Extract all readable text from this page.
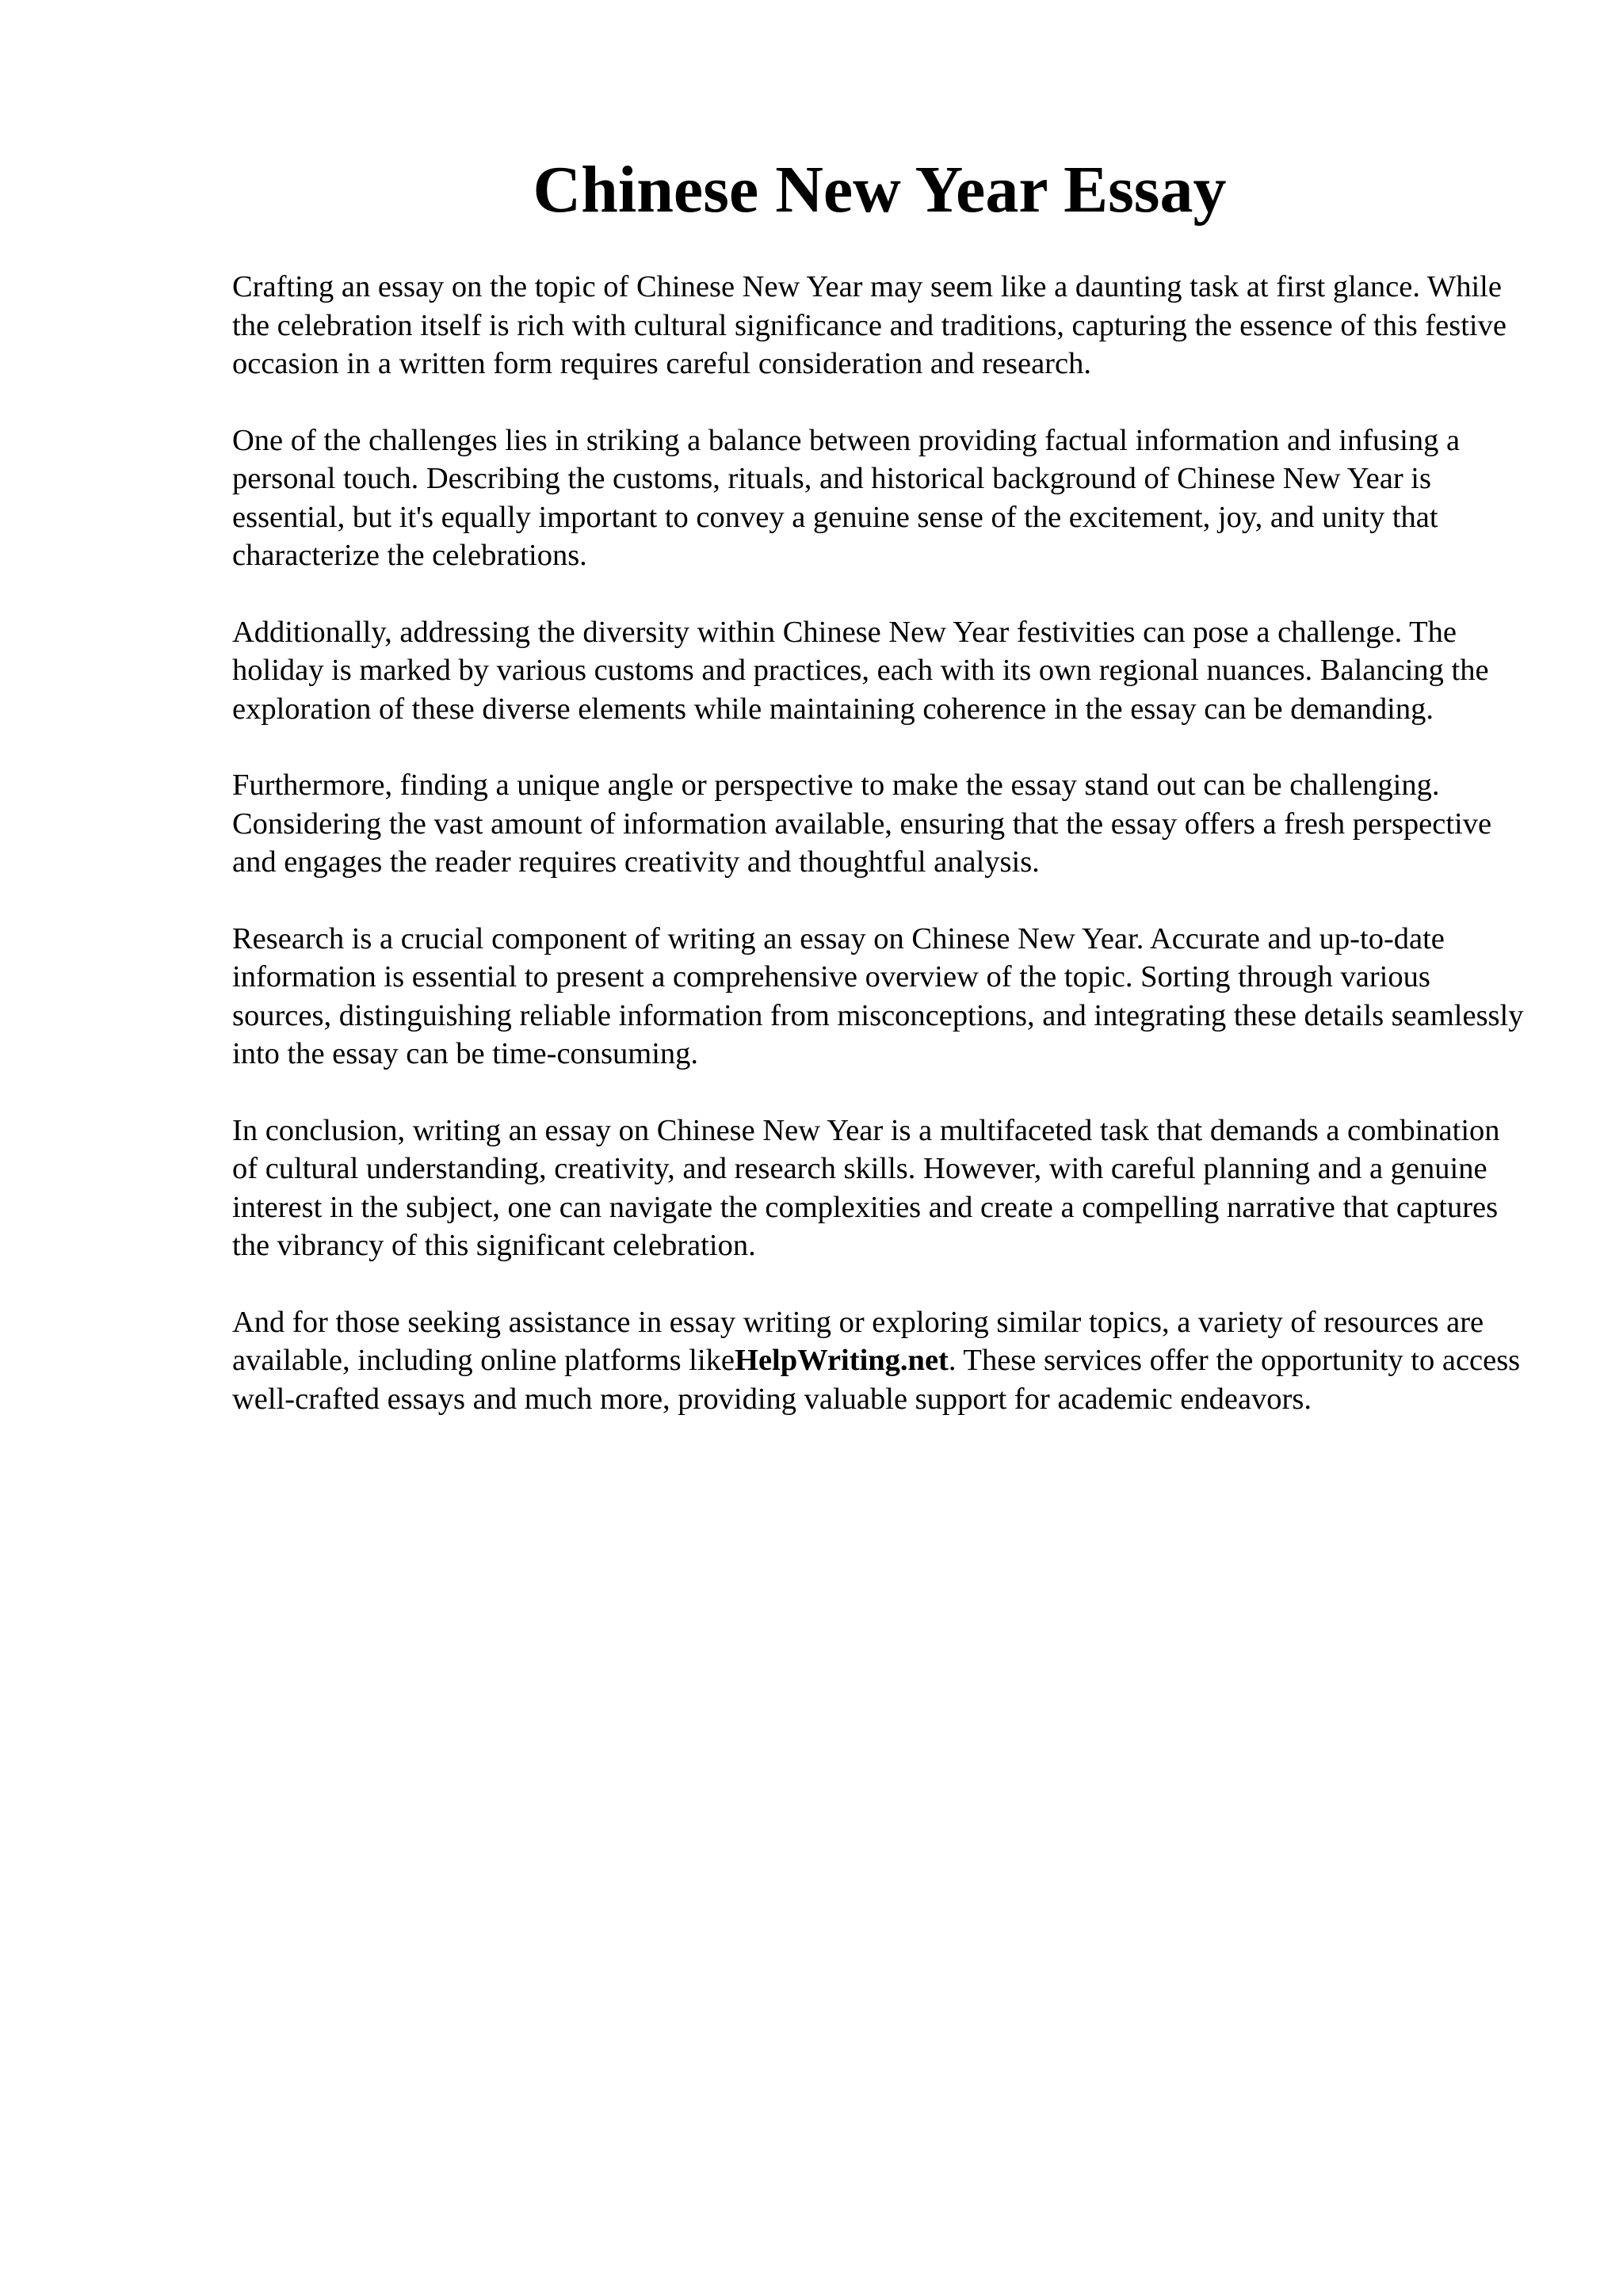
Chinese New Year Essay

Crafting an essay on the topic of Chinese New Year may seem like a daunting task at first glance. While the celebration itself is rich with cultural significance and traditions, capturing the essence of this festive occasion in a written form requires careful consideration and research.

One of the challenges lies in striking a balance between providing factual information and infusing a personal touch. Describing the customs, rituals, and historical background of Chinese New Year is essential, but it's equally important to convey a genuine sense of the excitement, joy, and unity that characterize the celebrations.

Additionally, addressing the diversity within Chinese New Year festivities can pose a challenge. The holiday is marked by various customs and practices, each with its own regional nuances. Balancing the exploration of these diverse elements while maintaining coherence in the essay can be demanding.

Furthermore, finding a unique angle or perspective to make the essay stand out can be challenging. Considering the vast amount of information available, ensuring that the essay offers a fresh perspective and engages the reader requires creativity and thoughtful analysis.

Research is a crucial component of writing an essay on Chinese New Year. Accurate and up-to-date information is essential to present a comprehensive overview of the topic. Sorting through various sources, distinguishing reliable information from misconceptions, and integrating these details seamlessly into the essay can be time-consuming.

In conclusion, writing an essay on Chinese New Year is a multifaceted task that demands a combination of cultural understanding, creativity, and research skills. However, with careful planning and a genuine interest in the subject, one can navigate the complexities and create a compelling narrative that captures the vibrancy of this significant celebration.

And for those seeking assistance in essay writing or exploring similar topics, a variety of resources are available, including online platforms likeHelpWriting.net. These services offer the opportunity to access well-crafted essays and much more, providing valuable support for academic endeavors.
